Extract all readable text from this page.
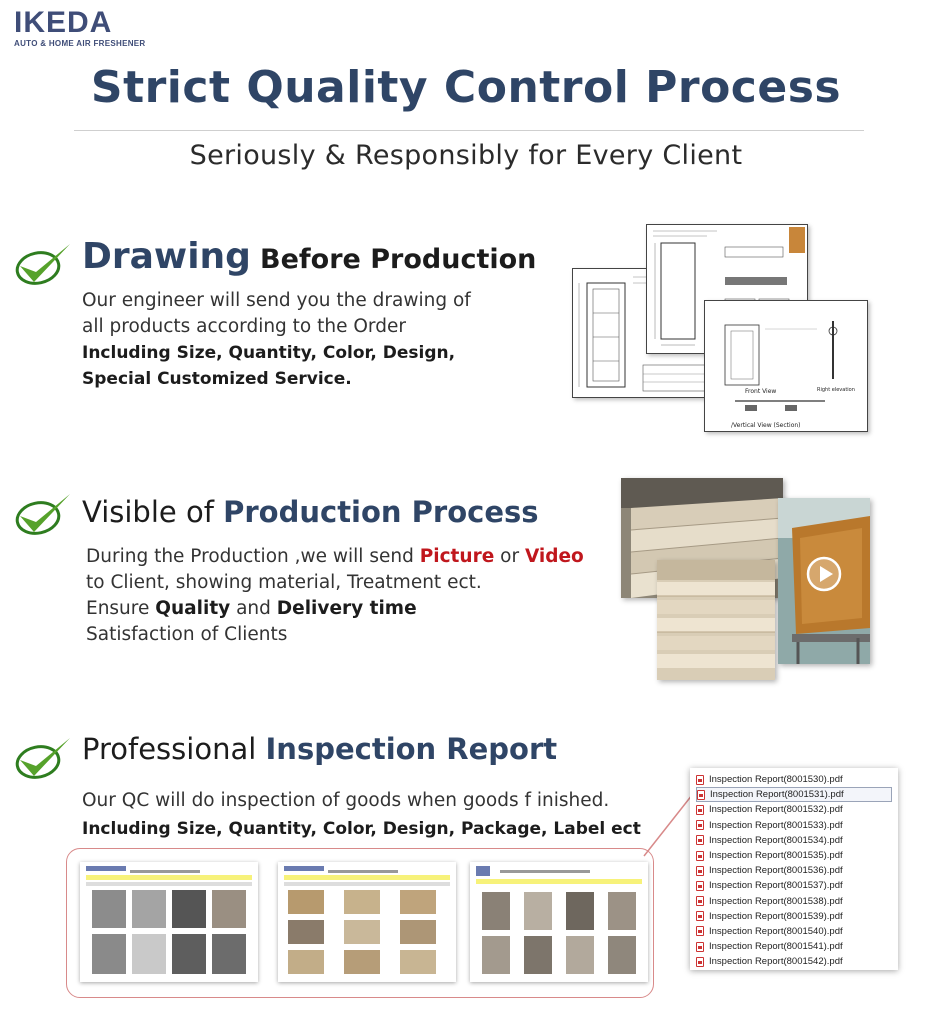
IKEDA
AUTO & HOME AIR FRESHENER
Strict Quality Control Process
Seriously & Responsibly for Every Client
Drawing Before Production
Our engineer will send you the drawing of
all products according to the Order
Including Size, Quantity, Color, Design,
Special Customized Service.
Front View	Right elevation
/Vertical View (Section)
Visible of Production Process
During the Production ,we will send Picture or Video
to Client, showing material, Treatment ect.
Ensure Quality and Delivery time
Satisfaction of Clients
Professional Inspection Report
Our QC will do inspection of goods when goods f inished.
Including Size, Quantity, Color, Design, Package, Label ect
Inspection Report(8001530).pdf
Inspection Report(8001531).pdf
Inspection Report(8001532).pdf
Inspection Report(8001533).pdf
Inspection Report(8001534).pdf
Inspection Report(8001535).pdf
Inspection Report(8001536).pdf
Inspection Report(8001537).pdf
Inspection Report(8001538).pdf
Inspection Report(8001539).pdf
Inspection Report(8001540).pdf
Inspection Report(8001541).pdf
Inspection Report(8001542).pdf
